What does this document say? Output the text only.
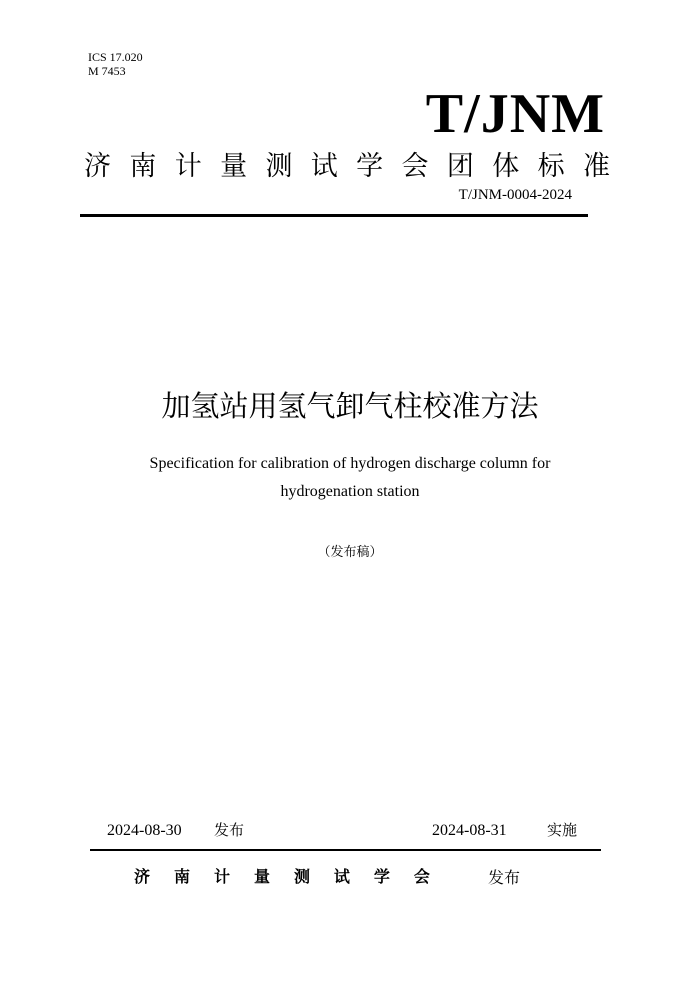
ICS 17.020
M 7453
T/JNM
济 南 计 量 测 试 学 会 团 体 标 准
T/JNM-0004-2024
加氢站用氢气卸气柱校准方法
Specification for calibration of hydrogen discharge column for
hydrogenation station
（发布稿）
2024-08-30 发布	2024-08-31	实施
济 南 计 量 测 试 学 会	发布
